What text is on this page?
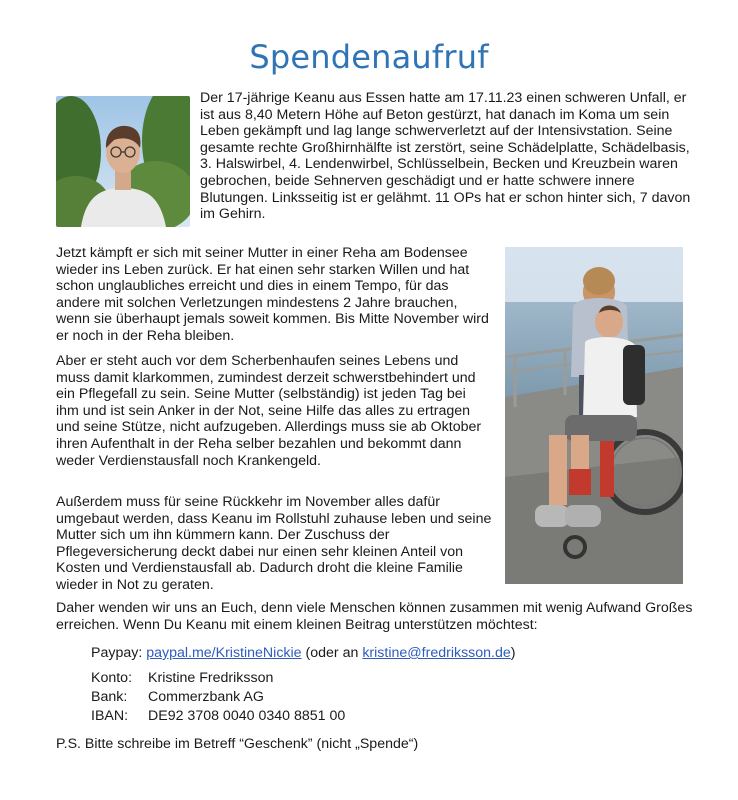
Spendenaufruf
Der 17-jährige Keanu aus Essen hatte am 17.11.23 einen schweren Unfall, er ist aus 8,40 Metern Höhe auf Beton gestürzt, hat danach im Koma um sein Leben gekämpft und lag lange schwerverletzt auf der Intensivstation. Seine gesamte rechte Großhirnhälfte ist zerstört, seine Schädelplatte, Schädelbasis, 3. Halswirbel, 4. Lendenwirbel, Schlüsselbein, Becken und Kreuzbein waren gebrochen, beide Sehnerven geschädigt und er hatte schwere innere Blutungen. Linksseitig ist er gelähmt. 11 OPs hat er schon hinter sich, 7 davon im Gehirn.
Jetzt kämpft er sich mit seiner Mutter in einer Reha am Bodensee wieder ins Leben zurück. Er hat einen sehr starken Willen und hat schon unglaubliches erreicht und dies in einem Tempo, für das andere mit solchen Verletzungen mindestens 2 Jahre brauchen, wenn sie überhaupt jemals soweit kommen. Bis Mitte November wird er noch in der Reha bleiben.
Aber er steht auch vor dem Scherbenhaufen seines Lebens und muss damit klarkommen, zumindest derzeit schwerstbehindert und ein Pflegefall zu sein. Seine Mutter (selbständig) ist jeden Tag bei ihm und ist sein Anker in der Not, seine Hilfe das alles zu ertragen und seine Stütze, nicht aufzugeben. Allerdings muss sie ab Oktober ihren Aufenthalt in der Reha selber bezahlen und bekommt dann weder Verdienstausfall noch Krankengeld.
Außerdem muss für seine Rückkehr im November alles dafür umgebaut werden, dass Keanu im Rollstuhl zuhause leben und seine Mutter sich um ihn kümmern kann. Der Zuschuss der Pflegeversicherung deckt dabei nur einen sehr kleinen Anteil von Kosten und Verdienstausfall ab. Dadurch droht die kleine Familie wieder in Not zu geraten.
Daher wenden wir uns an Euch, denn viele Menschen können zusammen mit wenig Aufwand Großes erreichen. Wenn Du Keanu mit einem kleinen Beitrag unterstützen möchtest:
Paypay: paypal.me/KristineNickie (oder an kristine@fredriksson.de)
Konto: Kristine Fredriksson
Bank: Commerzbank AG
IBAN: DE92 3708 0040 0340 8851 00
P.S. Bitte schreibe im Betreff “Geschenk” (nicht „Spende“)
